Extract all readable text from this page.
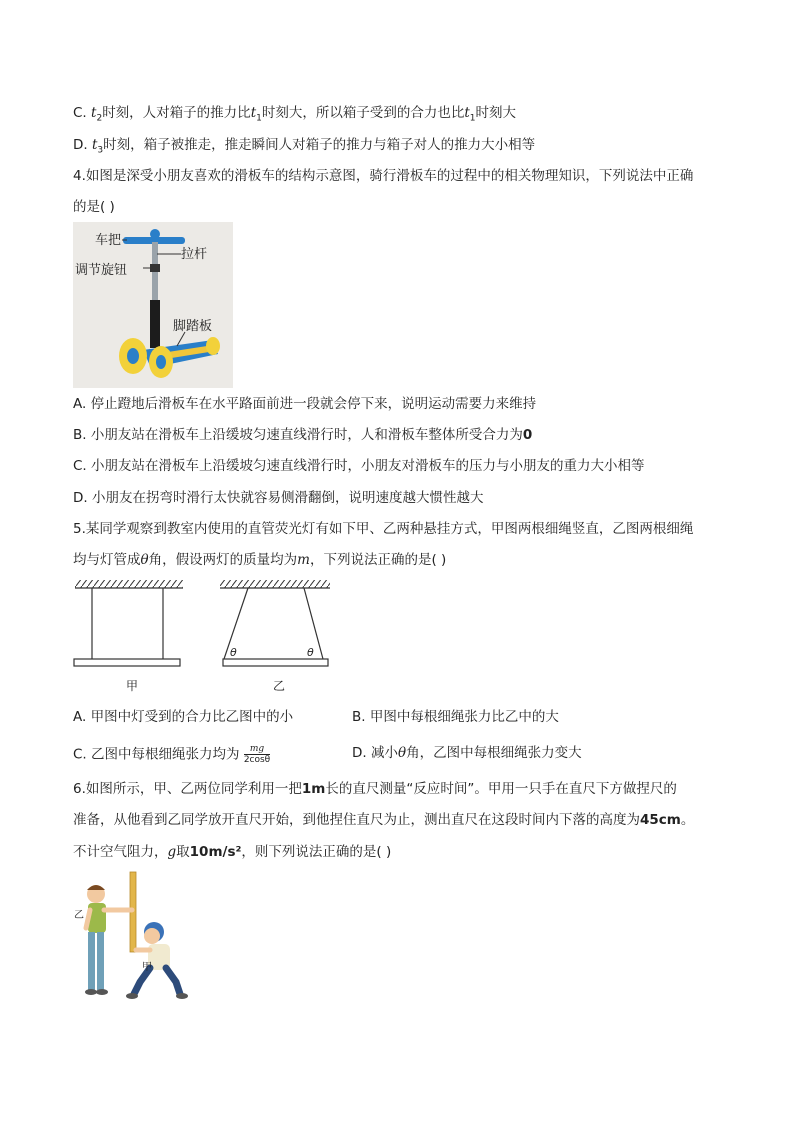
C. $t_2$时刻，人对箱子的推力比$t_1$时刻大，所以箱子受到的合力也比$t_1$时刻大
D. $t_3$时刻，箱子被推走，推走瞬间人对箱子的推力与箱子对人的推力大小相等
4.如图是深受小朋友喜欢的滑板车的结构示意图，骑行滑板车的过程中的相关物理知识，下列说法中正确
的是( )
车把
拉杆
调节旋钮
脚踏板
A. 停止蹬地后滑板车在水平路面前进一段就会停下来，说明运动需要力来维持
B. 小朋友站在滑板车上沿缓坡匀速直线滑行时，人和滑板车整体所受合力为0
C. 小朋友站在滑板车上沿缓坡匀速直线滑行时，小朋友对滑板车的压力与小朋友的重力大小相等
D. 小朋友在拐弯时滑行太快就容易侧滑翻倒，说明速度越大惯性越大
5.某同学观察到教室内使用的直管荧光灯有如下甲、乙两种悬挂方式，甲图两根细绳竖直，乙图两根细绳
均与灯管成θ角，假设两灯的质量均为m，下列说法正确的是( )
θ	θ
甲	乙
A. 甲图中灯受到的合力比乙图中的小	B. 甲图中每根细绳张力比乙中的大
C. 乙图中每根细绳张力均为 $\frac{mg}{2\cos\theta}$	D. 减小θ角，乙图中每根细绳张力变大
6.如图所示，甲、乙两位同学利用一把1m长的直尺测量“反应时间”。甲用一只手在直尺下方做捏尺的
准备，从他看到乙同学放开直尺开始，到他捏住直尺为止，测出直尺在这段时间内下落的高度为45cm。
不计空气阻力，g取10m/s²，则下列说法正确的是( )
乙
甲
